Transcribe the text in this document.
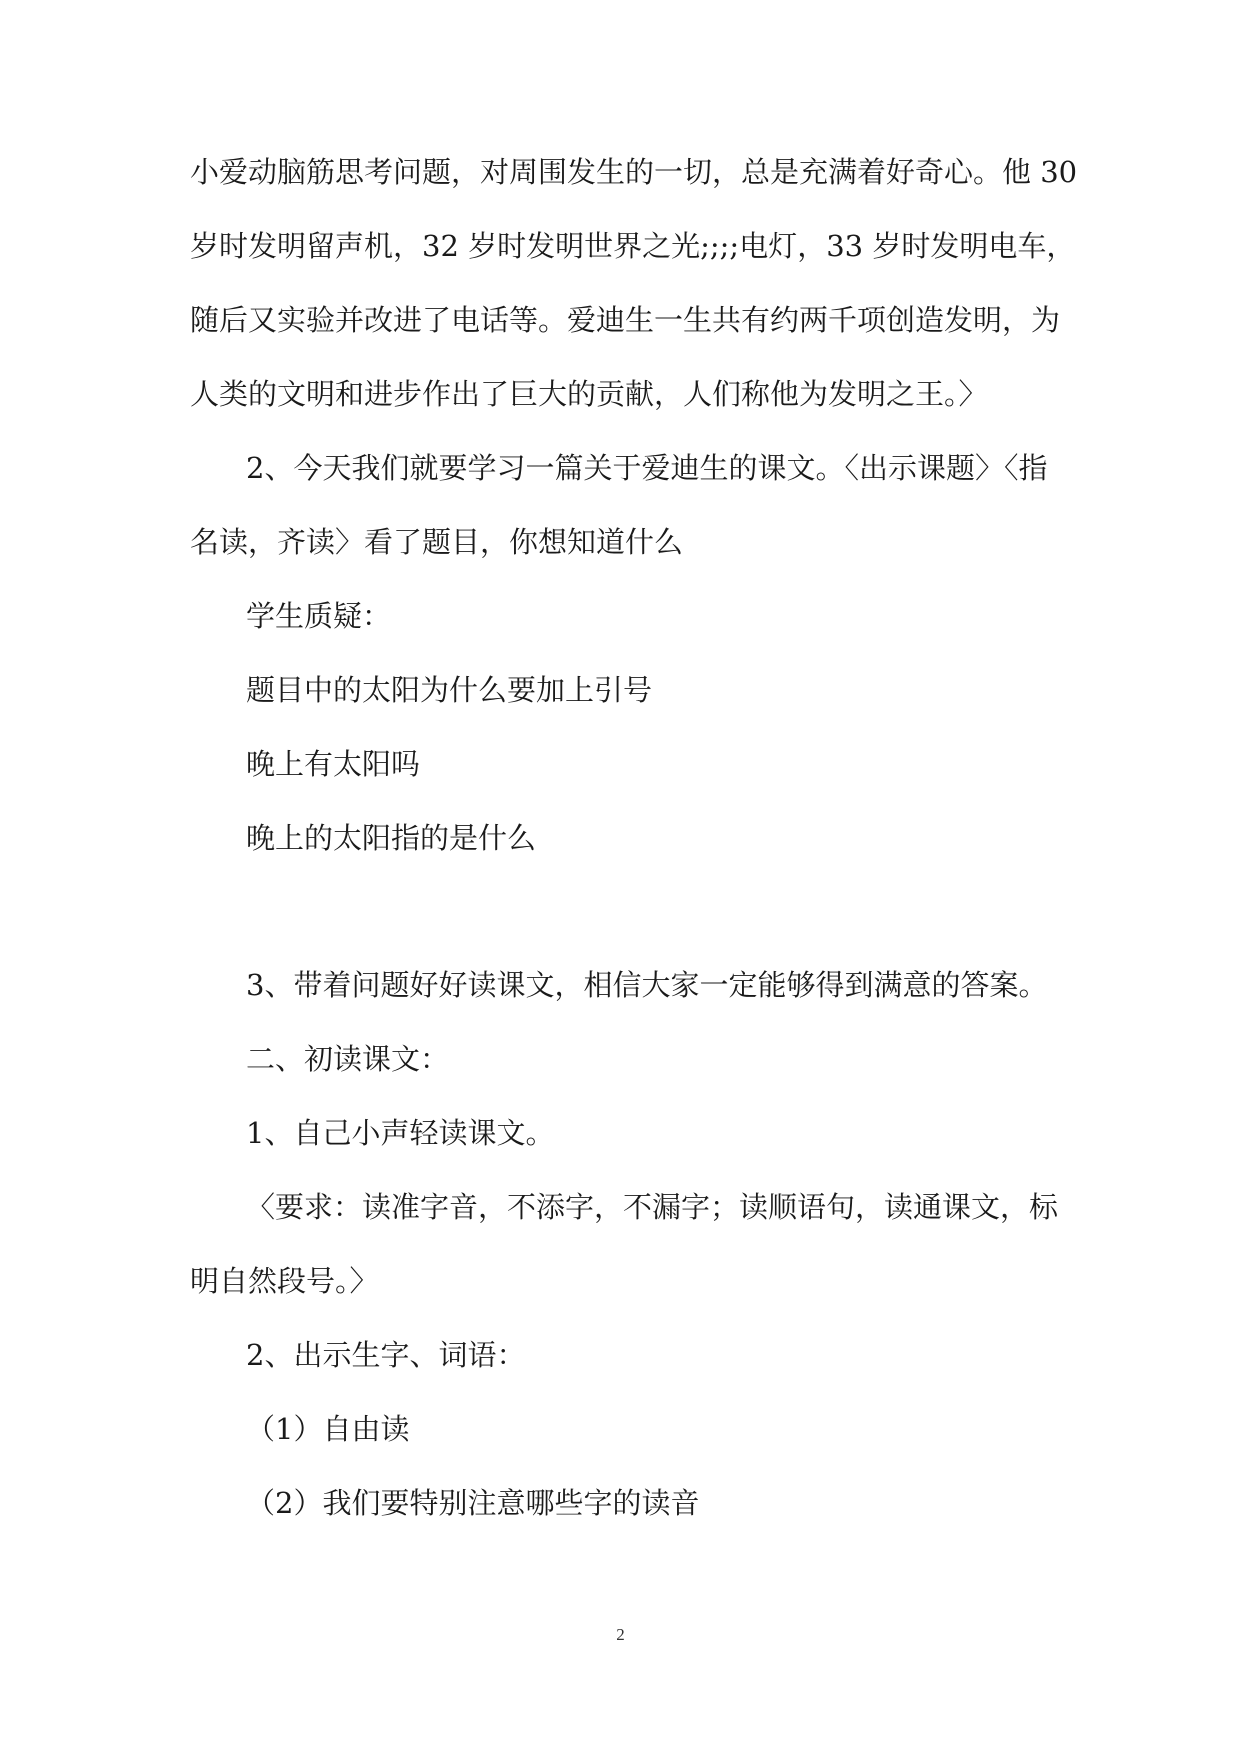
小爱动脑筋思考问题，对周围发生的一切，总是充满着好奇心。他 30
岁时发明留声机，32 岁时发明世界之光;;;;电灯，33 岁时发明电车，
随后又实验并改进了电话等。爱迪生一生共有约两千项创造发明，为
人类的文明和进步作出了巨大的贡献，人们称他为发明之王。〉
2、今天我们就要学习一篇关于爱迪生的课文。〈出示课题〉〈指
名读，齐读〉看了题目，你想知道什么
学生质疑：
题目中的太阳为什么要加上引号
晚上有太阳吗
晚上的太阳指的是什么
3、带着问题好好读课文，相信大家一定能够得到满意的答案。
二、初读课文：
1、自己小声轻读课文。
〈要求：读准字音，不添字，不漏字；读顺语句，读通课文，标
明自然段号。〉
2、出示生字、词语：
（1）自由读
（2）我们要特别注意哪些字的读音
2
